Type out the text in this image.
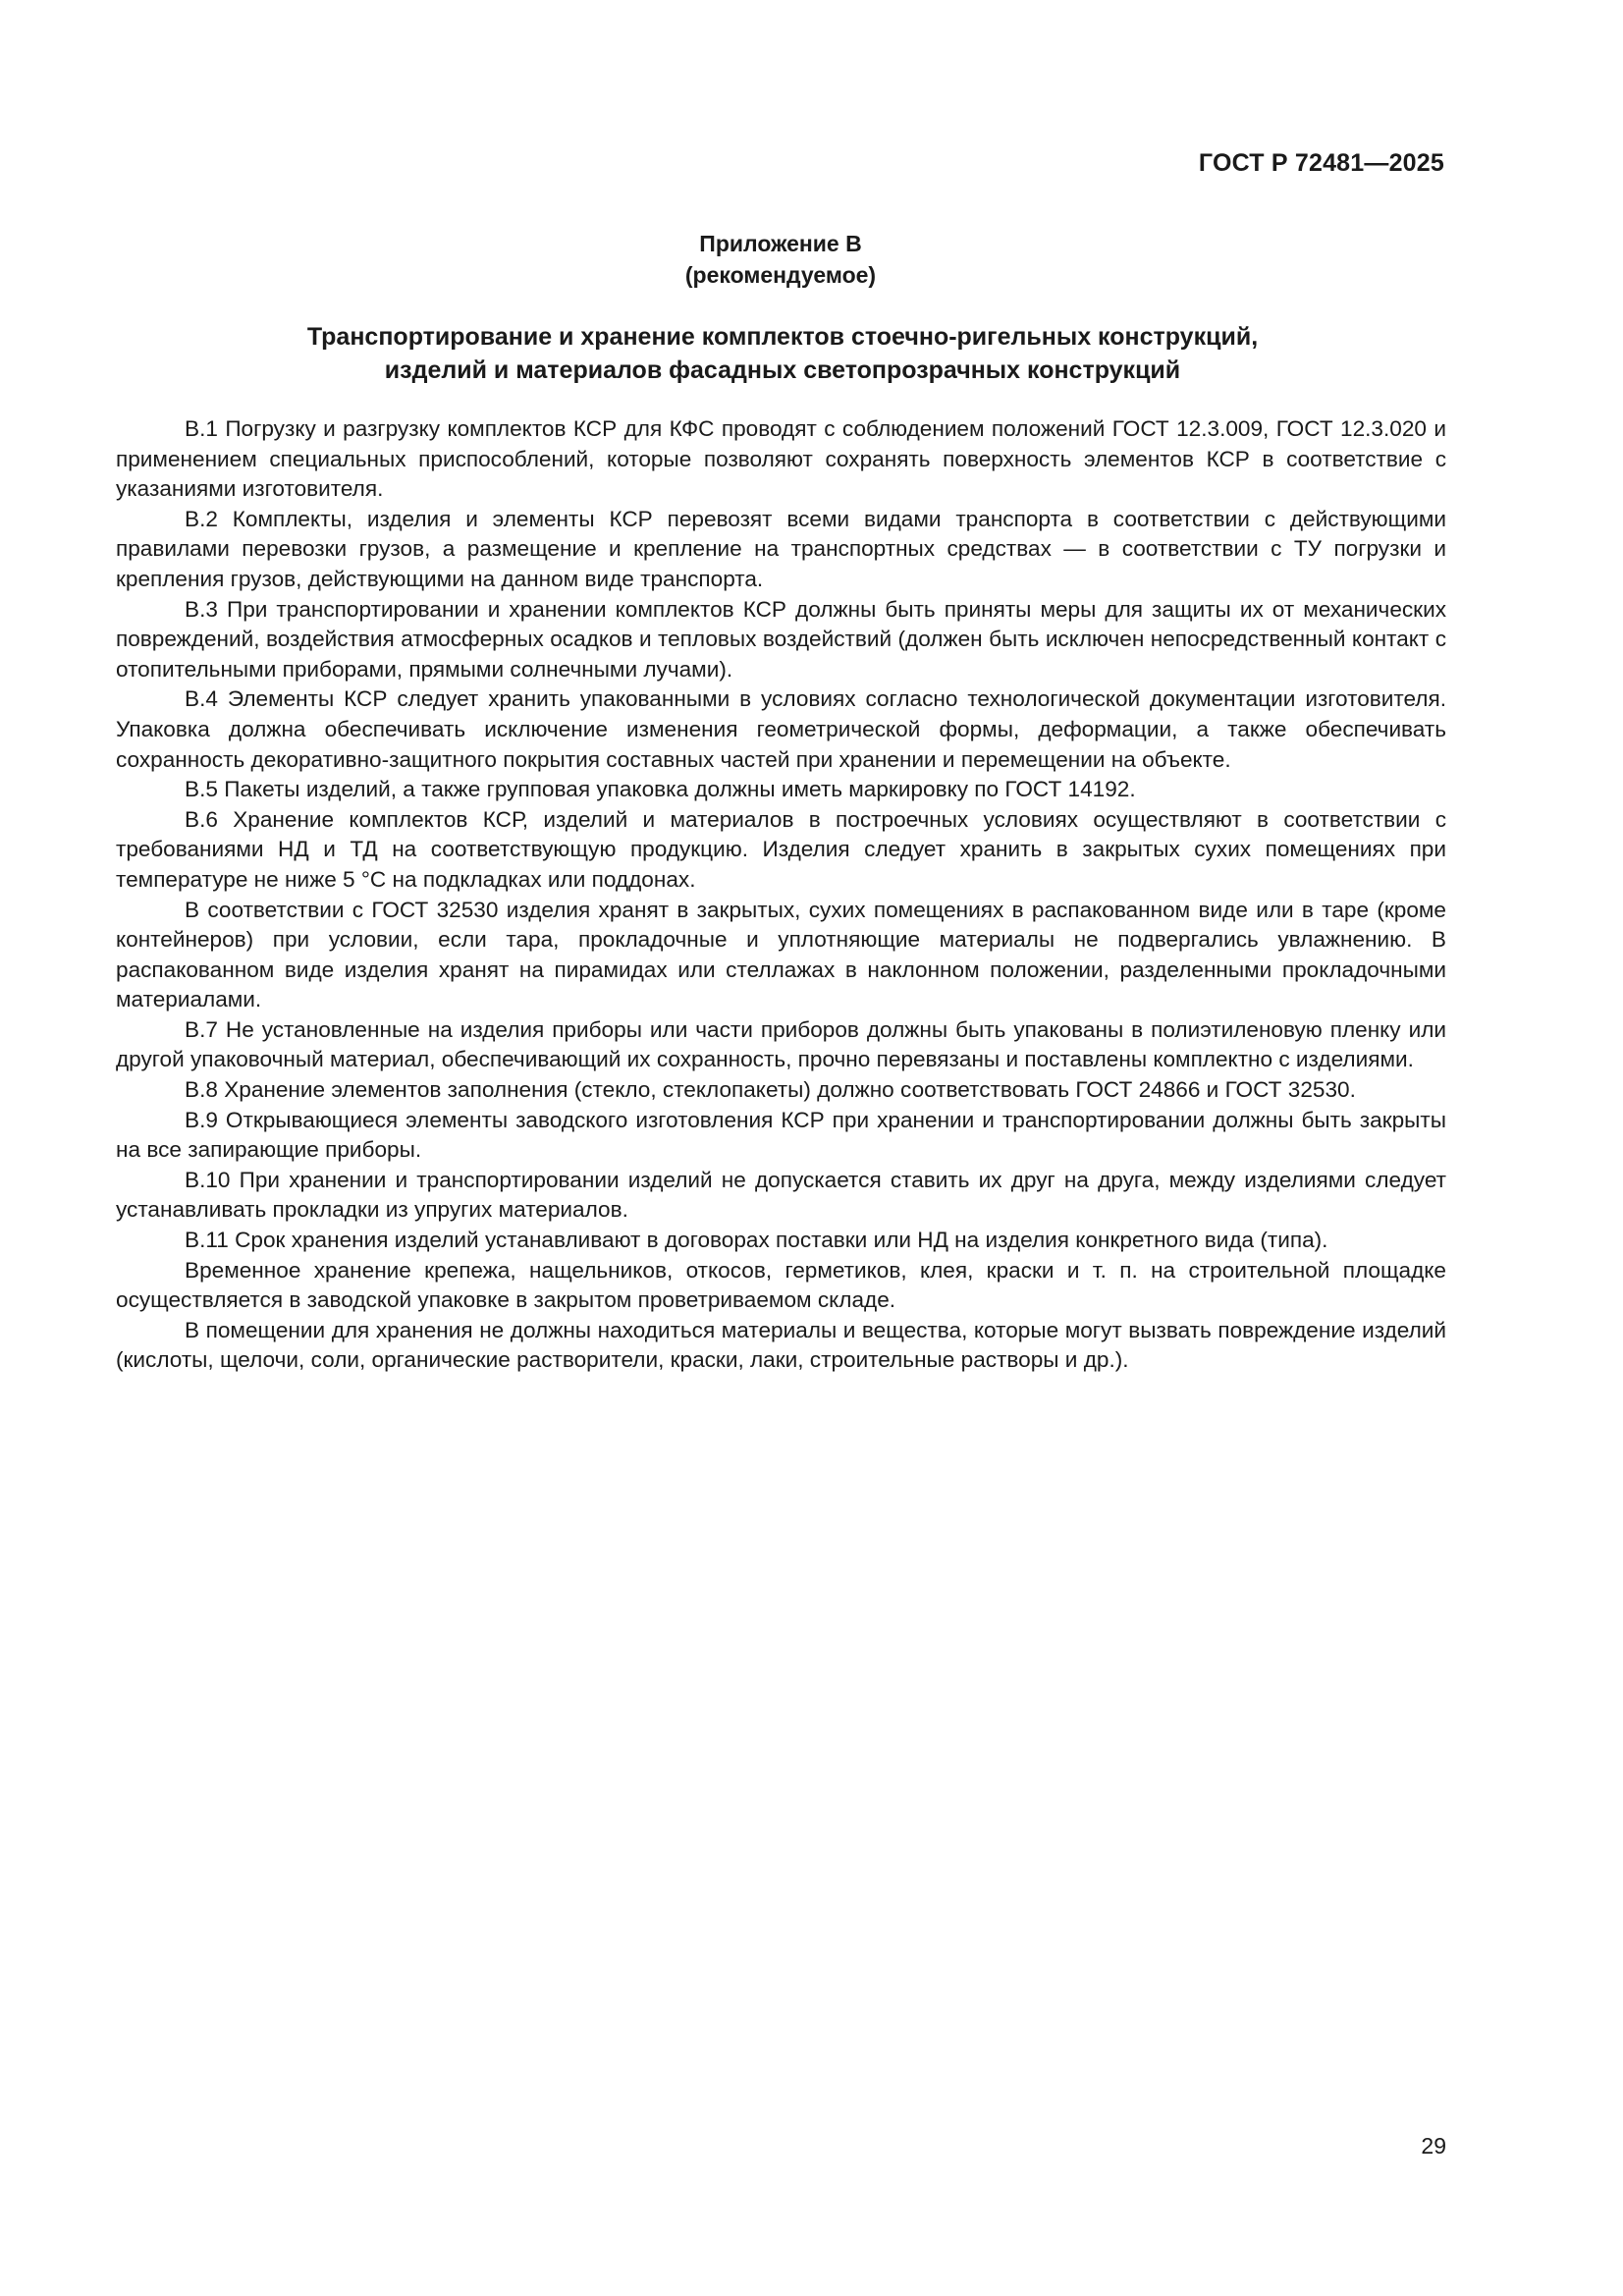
ГОСТ Р 72481—2025
Приложение В
(рекомендуемое)
Транспортирование и хранение комплектов стоечно-ригельных конструкций,
изделий и материалов фасадных светопрозрачных конструкций

В.1 Погрузку и разгрузку комплектов КСР для КФС проводят с соблюдением положений ГОСТ 12.3.009, ГОСТ 12.3.020 и применением специальных приспособлений, которые позволяют сохранять поверхность элементов КСР в соответствие с указаниями изготовителя.

В.2 Комплекты, изделия и элементы КСР перевозят всеми видами транспорта в соответствии с действующими правилами перевозки грузов, а размещение и крепление на транспортных средствах — в соответствии с ТУ погрузки и крепления грузов, действующими на данном виде транспорта.

В.3 При транспортировании и хранении комплектов КСР должны быть приняты меры для защиты их от механических повреждений, воздействия атмосферных осадков и тепловых воздействий (должен быть исключен непосредственный контакт с отопительными приборами, прямыми солнечными лучами).

В.4 Элементы КСР следует хранить упакованными в условиях согласно технологической документации изготовителя. Упаковка должна обеспечивать исключение изменения геометрической формы, деформации, а также обеспечивать сохранность декоративно-защитного покрытия составных частей при хранении и перемещении на объекте.

В.5 Пакеты изделий, а также групповая упаковка должны иметь маркировку по ГОСТ 14192.

В.6 Хранение комплектов КСР, изделий и материалов в построечных условиях осуществляют в соответствии с требованиями НД и ТД на соответствующую продукцию. Изделия следует хранить в закрытых сухих помещениях при температуре не ниже 5 °С на подкладках или поддонах.

В соответствии с ГОСТ 32530 изделия хранят в закрытых, сухих помещениях в распакованном виде или в таре (кроме контейнеров) при условии, если тара, прокладочные и уплотняющие материалы не подвергались увлажнению. В распакованном виде изделия хранят на пирамидах или стеллажах в наклонном положении, разделенными прокладочными материалами.

В.7 Не установленные на изделия приборы или части приборов должны быть упакованы в полиэтиленовую пленку или другой упаковочный материал, обеспечивающий их сохранность, прочно перевязаны и поставлены комплектно с изделиями.

В.8 Хранение элементов заполнения (стекло, стеклопакеты) должно соответствовать ГОСТ 24866 и ГОСТ 32530.

В.9 Открывающиеся элементы заводского изготовления КСР при хранении и транспортировании должны быть закрыты на все запирающие приборы.

В.10 При хранении и транспортировании изделий не допускается ставить их друг на друга, между изделиями следует устанавливать прокладки из упругих материалов.

В.11 Срок хранения изделий устанавливают в договорах поставки или НД на изделия конкретного вида (типа).

Временное хранение крепежа, нащельников, откосов, герметиков, клея, краски и т. п. на строительной площадке осуществляется в заводской упаковке в закрытом проветриваемом складе.

В помещении для хранения не должны находиться материалы и вещества, которые могут вызвать повреждение изделий (кислоты, щелочи, соли, органические растворители, краски, лаки, строительные растворы и др.).

29
